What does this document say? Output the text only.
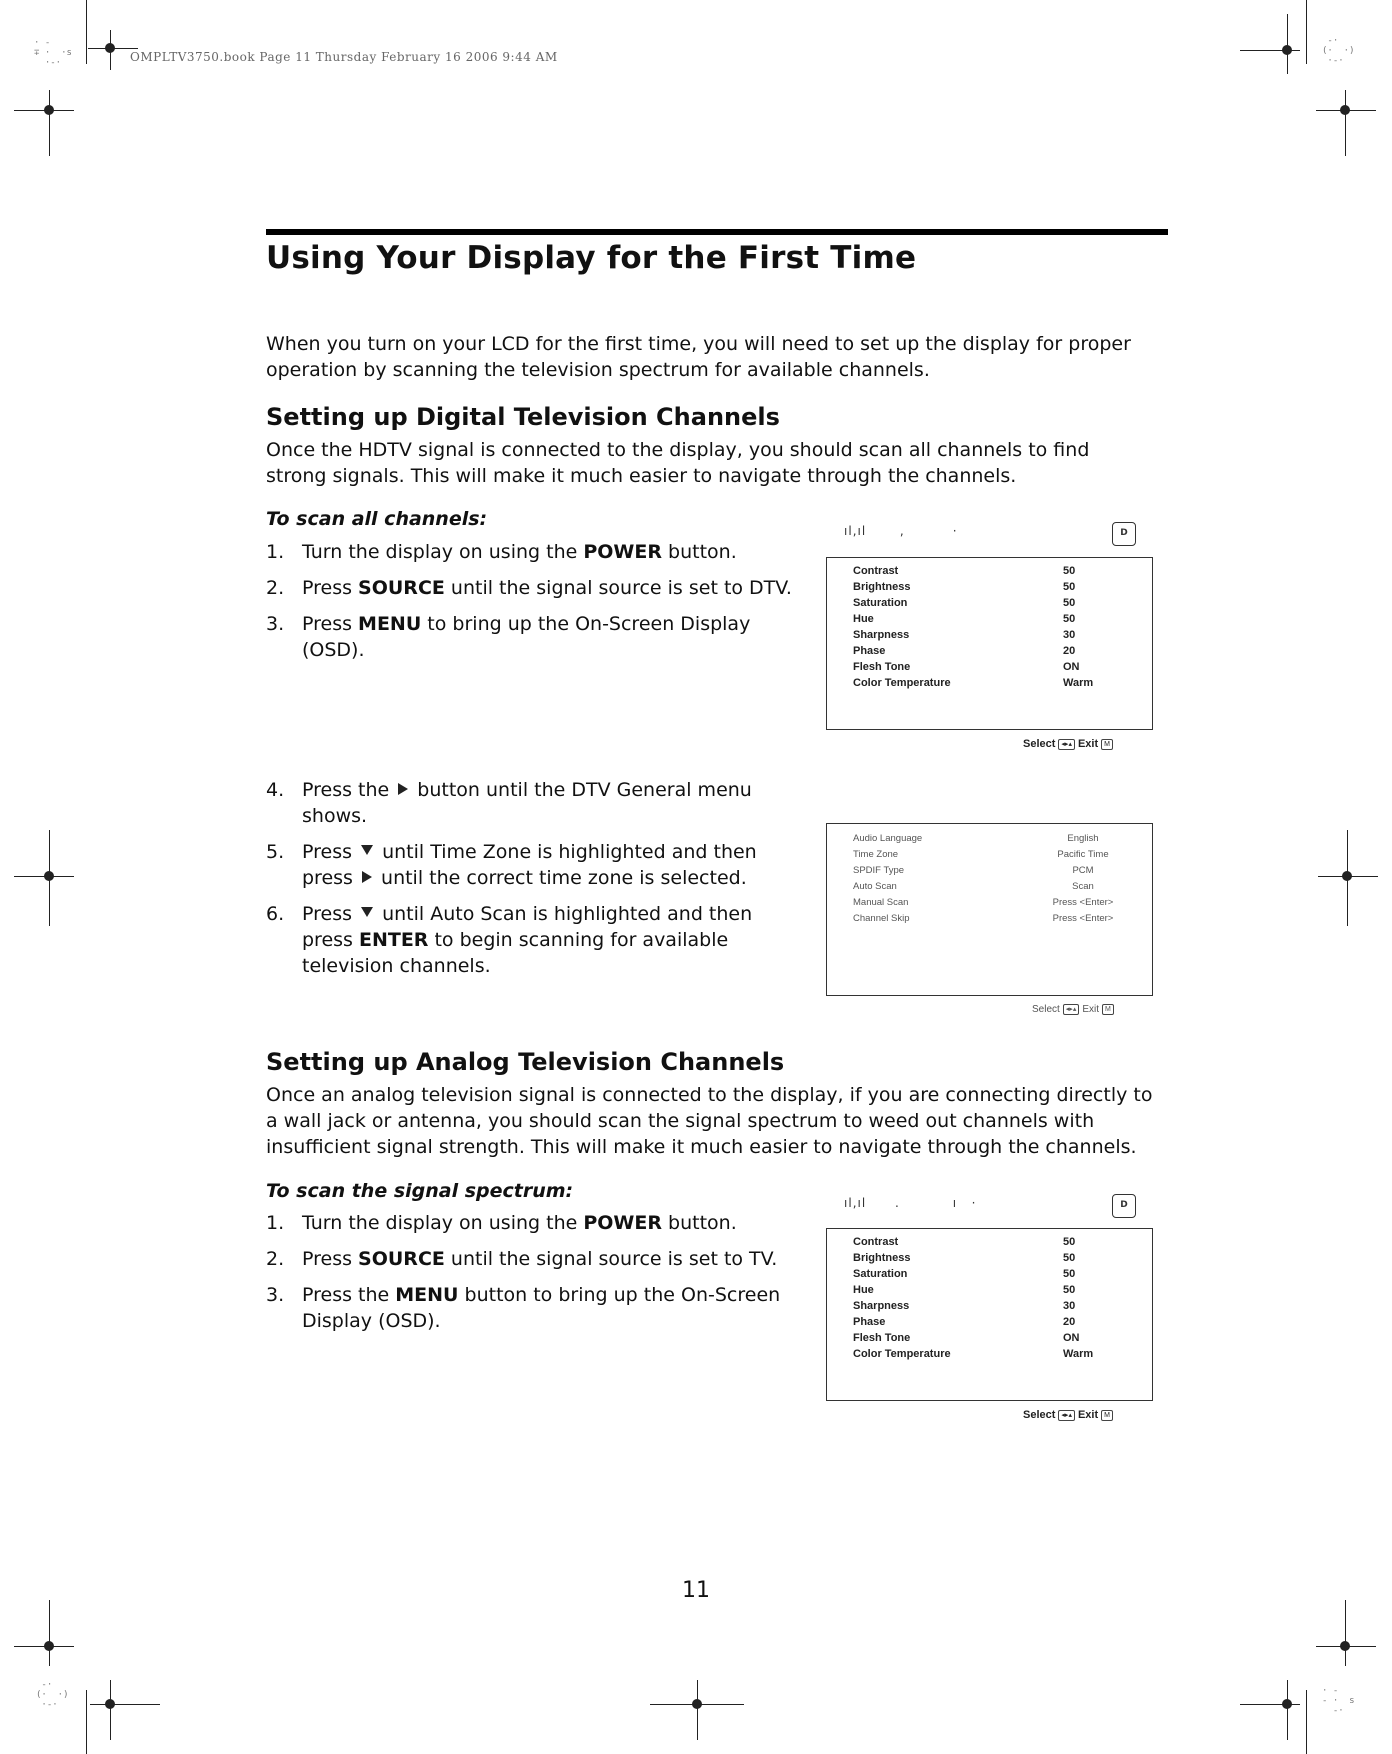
· -
∓ ·  ·s
·-·
-·
(·  ·)
·-·
-·
(·  ·)
·-·
· -
- ·  s
-·
OMPLTV3750.book Page 11 Thursday February 16 2006 9:44 AM
Using Your Display for the First Time

When you turn on your LCD for the first time, you will need to set up the display for proper operation by scanning the television spectrum for available channels.

Setting up Digital Television Channels

Once the HDTV signal is connected to the display, you should scan all channels to find strong signals. This will make it much easier to navigate through the channels.

To scan all channels:
1. Turn the display on using the POWER button.
2. Press SOURCE until the signal source is set to DTV.
3. Press MENU to bring up the On-Screen Display (OSD).
4. Press the  button until the DTV General menu shows.
5. Press  until Time Zone is highlighted and then press  until the correct time zone is selected.
6. Press  until Auto Scan is highlighted and then press ENTER to begin scanning for available television channels.
ıl‚ıl       ,          ·	D
Contrast	50
Brightness	50
Saturation	50
Hue	50
Sharpness	30
Phase	20
Flesh Tone	ON
Color Temperature	Warm
Select ◂▸▴ Exit M
Audio Language	English
Time Zone	Pacific Time
SPDIF Type	PCM
Auto Scan	Scan
Manual Scan	Press <Enter>
Channel Skip	Press <Enter>
Select ◂▸▴ Exit M
Setting up Analog Television Channels

Once an analog television signal is connected to the display, if you are connecting directly to a wall jack or antenna, you should scan the signal spectrum to weed out channels with insufficient signal strength. This will make it much easier to navigate through the channels.

To scan the signal spectrum:
1. Turn the display on using the POWER button.
2. Press SOURCE until the signal source is set to TV.
3. Press the MENU button to bring up the On-Screen Display (OSD).
ıl‚ıl      .           ı   ·	D
Contrast	50
Brightness	50
Saturation	50
Hue	50
Sharpness	30
Phase	20
Flesh Tone	ON
Color Temperature	Warm
Select ◂▸▴ Exit M
11
